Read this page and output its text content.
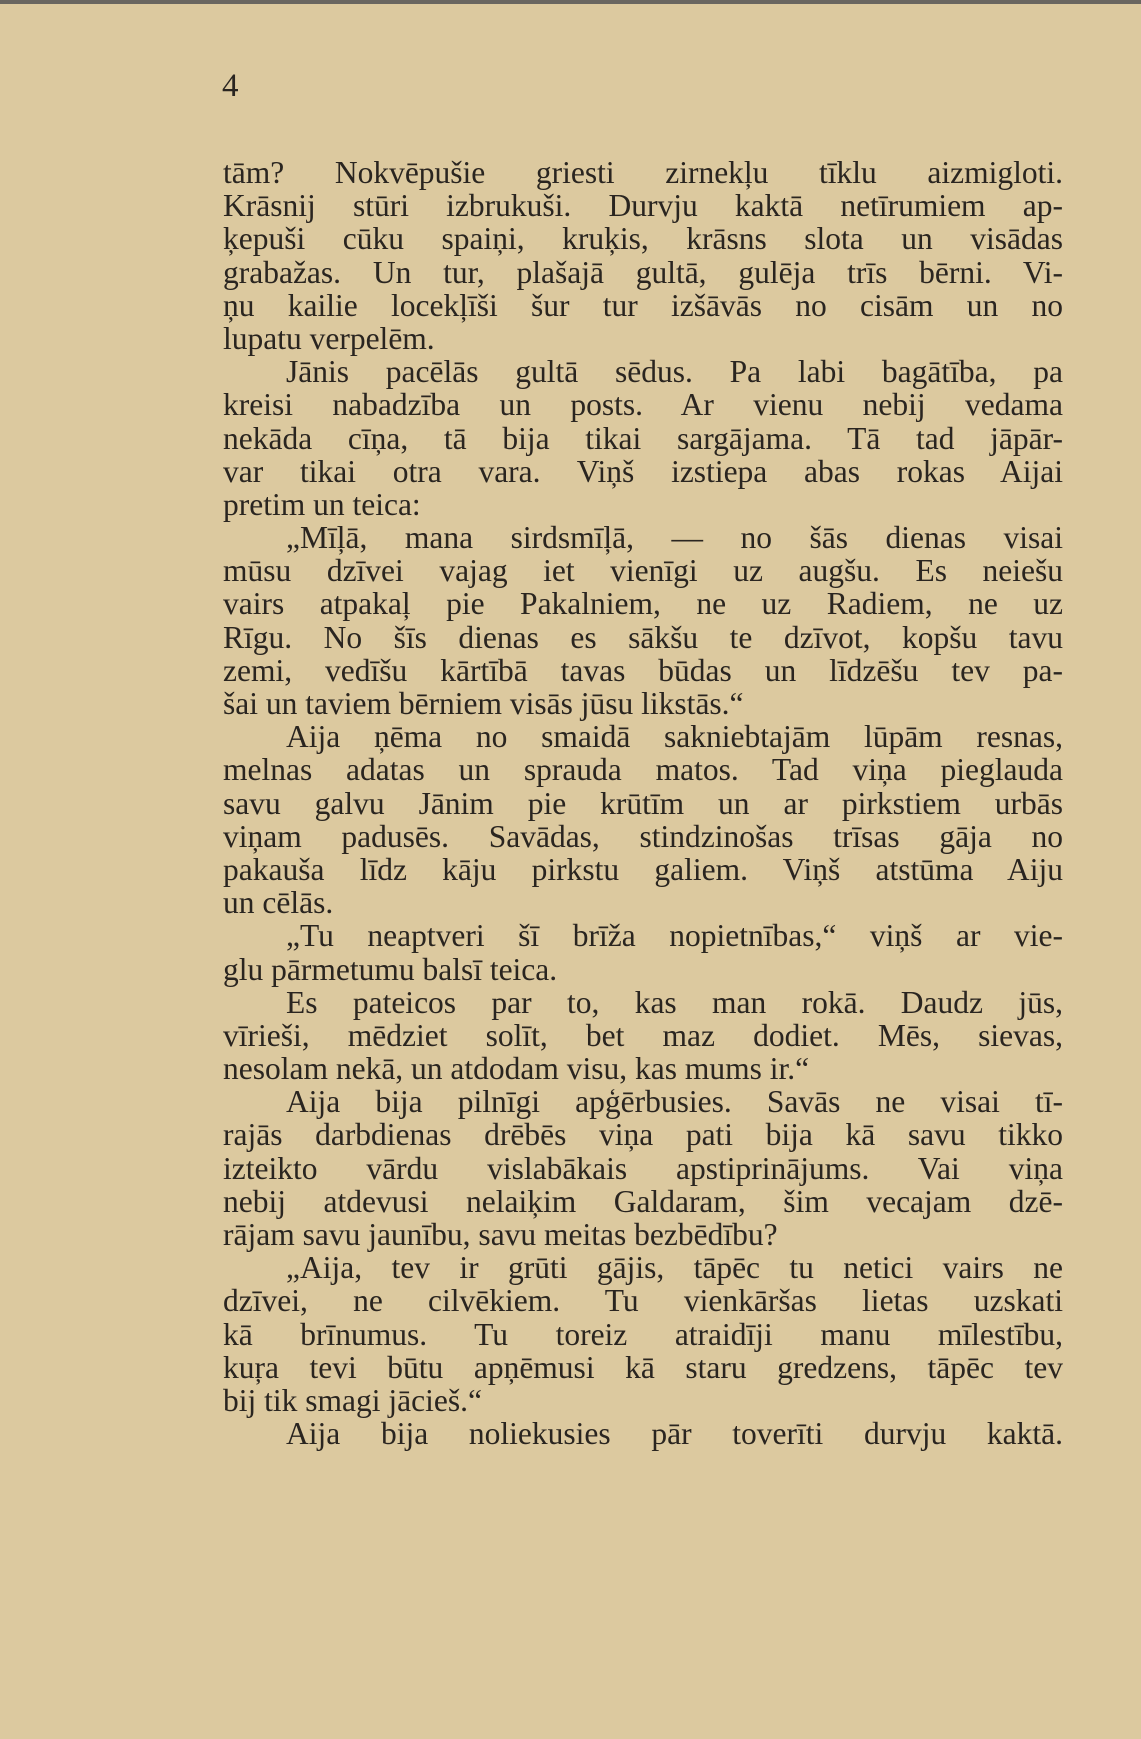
4
tām? Nokvēpušie griesti zirnekļu tīklu aizmigloti.
Krāsnij stūri izbrukuši. Durvju kaktā netīrumiem ap-
ķepuši cūku spaiņi, kruķis, krāsns slota un visādas
grabažas. Un tur, plašajā gultā, gulēja trīs bērni. Vi-
ņu kailie locekļīši šur tur izšāvās no cisām un no
lupatu verpelēm.
Jānis pacēlās gultā sēdus. Pa labi bagātība, pa
kreisi nabadzība un posts. Ar vienu nebij vedama
nekāda cīņa, tā bija tikai sargājama. Tā tad jāpār-
var tikai otra vara. Viņš izstiepa abas rokas Aijai
pretim un teica:
„Mīļā, mana sirdsmīļā, — no šās dienas visai
mūsu dzīvei vajag iet vienīgi uz augšu. Es neiešu
vairs atpakaļ pie Pakalniem, ne uz Radiem, ne uz
Rīgu. No šīs dienas es sākšu te dzīvot, kopšu tavu
zemi, vedīšu kārtībā tavas būdas un līdzēšu tev pa-
šai un taviem bērniem visās jūsu likstās.“
Aija ņēma no smaidā sakniebtajām lūpām resnas,
melnas adatas un sprauda matos. Tad viņa pieglauda
savu galvu Jānim pie krūtīm un ar pirkstiem urbās
viņam padusēs. Savādas, stindzinošas trīsas gāja no
pakauša līdz kāju pirkstu galiem. Viņš atstūma Aiju
un cēlās.
„Tu neaptveri šī brīža nopietnības,“ viņš ar vie-
glu pārmetumu balsī teica.
Es pateicos par to, kas man rokā. Daudz jūs,
vīrieši, mēdziet solīt, bet maz dodiet. Mēs, sievas,
nesolam nekā, un atdodam visu, kas mums ir.“
Aija bija pilnīgi apģērbusies. Savās ne visai tī-
rajās darbdienas drēbēs viņa pati bija kā savu tikko
izteikto vārdu vislabākais apstiprinājums. Vai viņa
nebij atdevusi nelaiķim Galdaram, šim vecajam dzē-
rājam savu jaunību, savu meitas bezbēdību?
„Aija, tev ir grūti gājis, tāpēc tu netici vairs ne
dzīvei, ne cilvēkiem. Tu vienkāršas lietas uzskati
kā brīnumus. Tu toreiz atraidīji manu mīlestību,
kuŗa tevi būtu apņēmusi kā staru gredzens, tāpēc tev
bij tik smagi jācieš.“
Aija bija noliekusies pār toverīti durvju kaktā.
